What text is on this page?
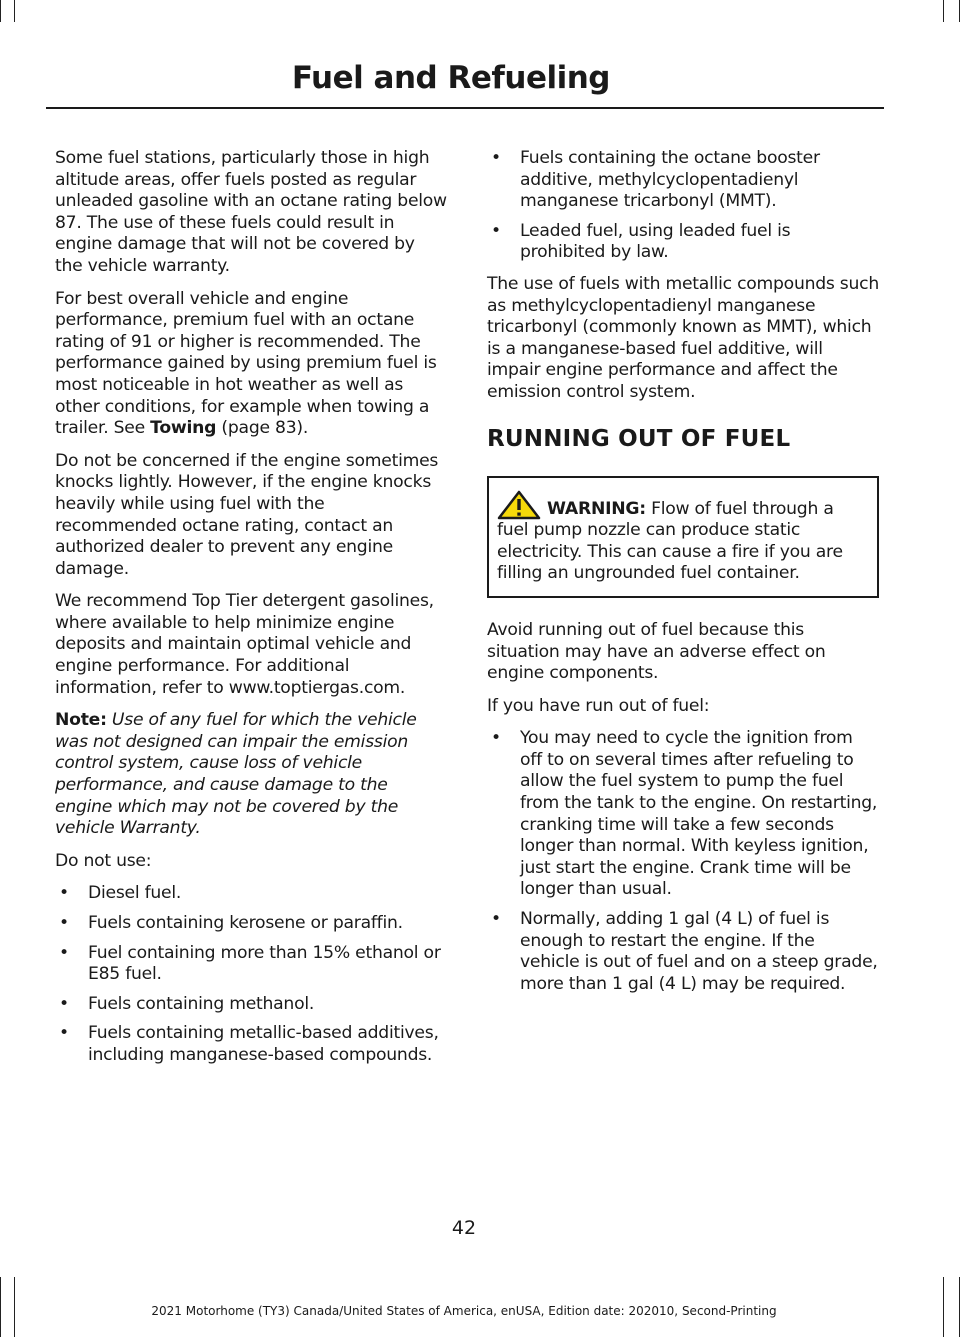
Fuel and Refueling

Some fuel stations, particularly those in high altitude areas, offer fuels posted as regular unleaded gasoline with an octane rating below 87. The use of these fuels could result in engine damage that will not be covered by the vehicle warranty.

For best overall vehicle and engine performance, premium fuel with an octane rating of 91 or higher is recommended. The performance gained by using premium fuel is most noticeable in hot weather as well as other conditions, for example when towing a trailer. See Towing (page 83).

Do not be concerned if the engine sometimes knocks lightly. However, if the engine knocks heavily while using fuel with the recommended octane rating, contact an authorized dealer to prevent any engine damage.

We recommend Top Tier detergent gasolines, where available to help minimize engine deposits and maintain optimal vehicle and engine performance. For additional information, refer to www.toptiergas.com.

Note: Use of any fuel for which the vehicle was not designed can impair the emission control system, cause loss of vehicle performance, and cause damage to the engine which may not be covered by the vehicle Warranty.

Do not use:

• Diesel fuel.
• Fuels containing kerosene or paraffin.
• Fuel containing more than 15% ethanol or E85 fuel.
• Fuels containing methanol.
• Fuels containing metallic-based additives, including manganese-based compounds.
• Fuels containing the octane booster additive, methylcyclopentadienyl manganese tricarbonyl (MMT).
• Leaded fuel, using leaded fuel is prohibited by law.

The use of fuels with metallic compounds such as methylcyclopentadienyl manganese tricarbonyl (commonly known as MMT), which is a manganese-based fuel additive, will impair engine performance and affect the emission control system.

RUNNING OUT OF FUEL

WARNING: Flow of fuel through a fuel pump nozzle can produce static electricity. This can cause a fire if you are filling an ungrounded fuel container.

Avoid running out of fuel because this situation may have an adverse effect on engine components.

If you have run out of fuel:

• You may need to cycle the ignition from off to on several times after refueling to allow the fuel system to pump the fuel from the tank to the engine. On restarting, cranking time will take a few seconds longer than normal. With keyless ignition, just start the engine. Crank time will be longer than usual.
• Normally, adding 1 gal (4 L) of fuel is enough to restart the engine. If the vehicle is out of fuel and on a steep grade, more than 1 gal (4 L) may be required.
42
2021 Motorhome (TY3) Canada/United States of America, enUSA, Edition date: 202010, Second-Printing
